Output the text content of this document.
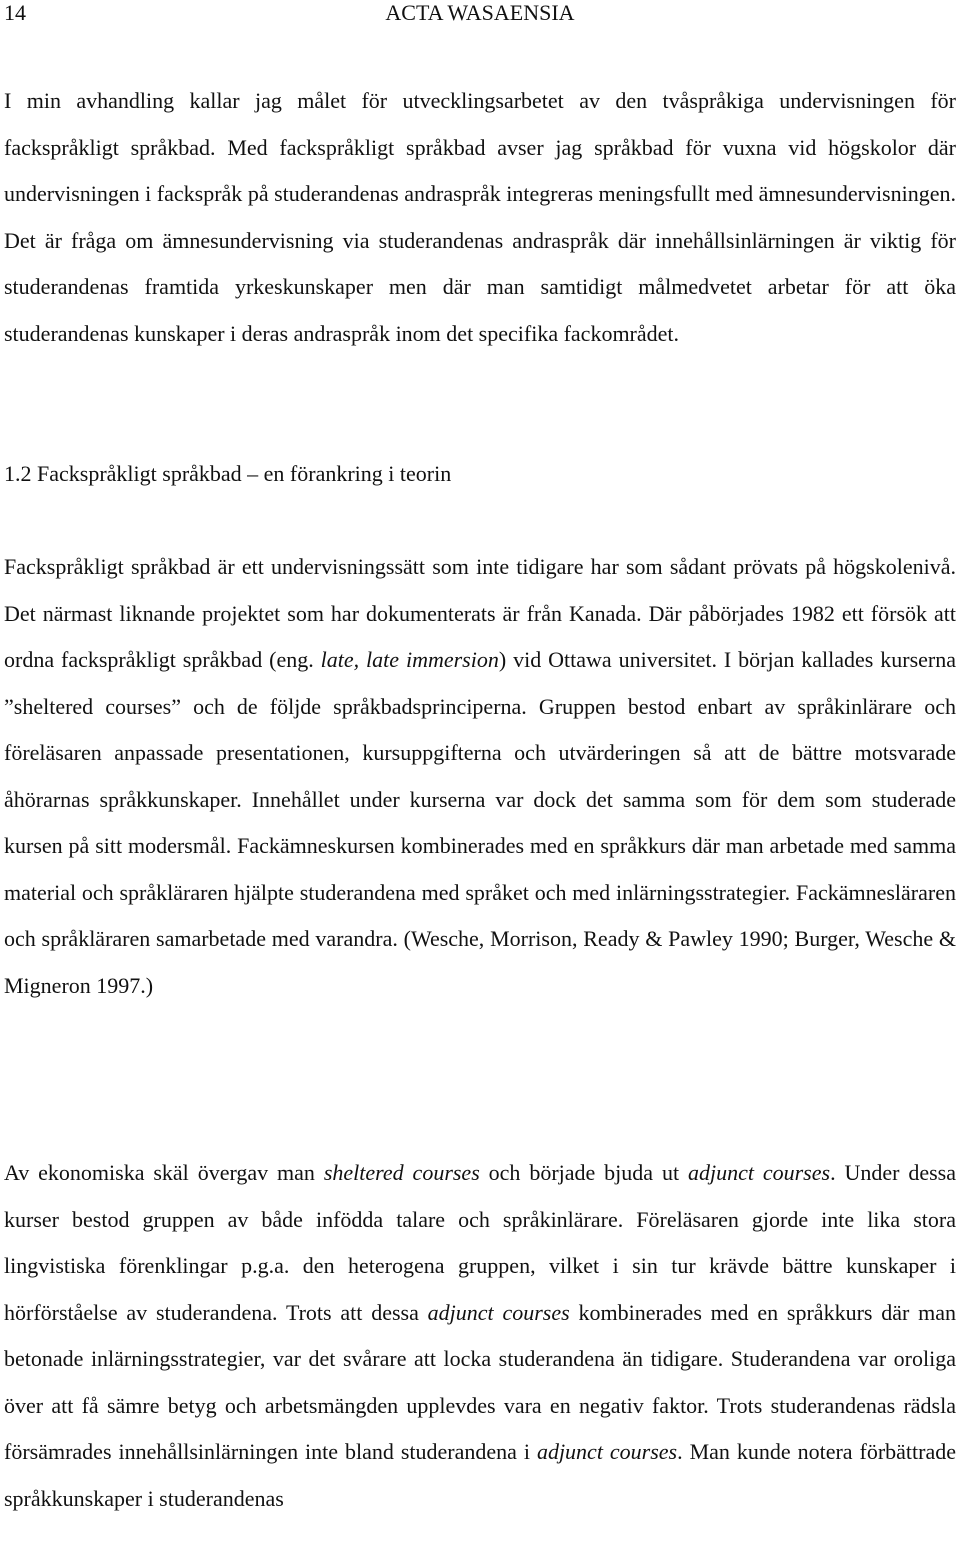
14	ACTA WASAENSIA

I min avhandling kallar jag målet för utvecklingsarbetet av den tvåspråkiga undervisningen för fackspråkligt språkbad. Med fackspråkligt språkbad avser jag språkbad för vuxna vid högskolor där undervisningen i fackspråk på studerandenas andraspråk integreras meningsfullt med ämnesundervisningen. Det är fråga om ämnesundervisning via studerandenas andraspråk där innehållsinlärningen är viktig för studerandenas framtida yrkeskunskaper men där man samtidigt målmedvetet arbetar för att öka studerandenas kunskaper i deras andraspråk inom det specifika fackområdet.

1.2 Fackspråkligt språkbad – en förankring i teorin

Fackspråkligt språkbad är ett undervisningssätt som inte tidigare har som sådant prövats på högskolenivå. Det närmast liknande projektet som har dokumenterats är från Kanada. Där påbörjades 1982 ett försök att ordna fackspråkligt språkbad (eng. late, late immersion) vid Ottawa universitet. I början kallades kurserna ”sheltered courses” och de följde språkbadsprinciperna. Gruppen bestod enbart av språkinlärare och föreläsaren anpassade presentationen, kursuppgifterna och utvärderingen så att de bättre motsvarade åhörarnas språkkunskaper. Innehållet under kurserna var dock det samma som för dem som studerade kursen på sitt modersmål. Fackämneskursen kombinerades med en språkkurs där man arbetade med samma material och språkläraren hjälpte studerandena med språket och med inlärningsstrategier. Fackämnesläraren och språkläraren samarbetade med varandra. (Wesche, Morrison, Ready & Pawley 1990; Burger, Wesche & Migneron 1997.)

Av ekonomiska skäl övergav man sheltered courses och började bjuda ut adjunct courses. Under dessa kurser bestod gruppen av både infödda talare och språkinlärare. Föreläsaren gjorde inte lika stora lingvistiska förenklingar p.g.a. den heterogena gruppen, vilket i sin tur krävde bättre kunskaper i hörförståelse av studerandena. Trots att dessa adjunct courses kombinerades med en språkkurs där man betonade inlärningsstrategier, var det svårare att locka studerandena än tidigare. Studerandena var oroliga över att få sämre betyg och arbetsmängden upplevdes vara en negativ faktor. Trots studerandenas rädsla försämrades innehållsinlärningen inte bland studerandena i adjunct courses. Man kunde notera förbättrade språkkunskaper i studerandenas
